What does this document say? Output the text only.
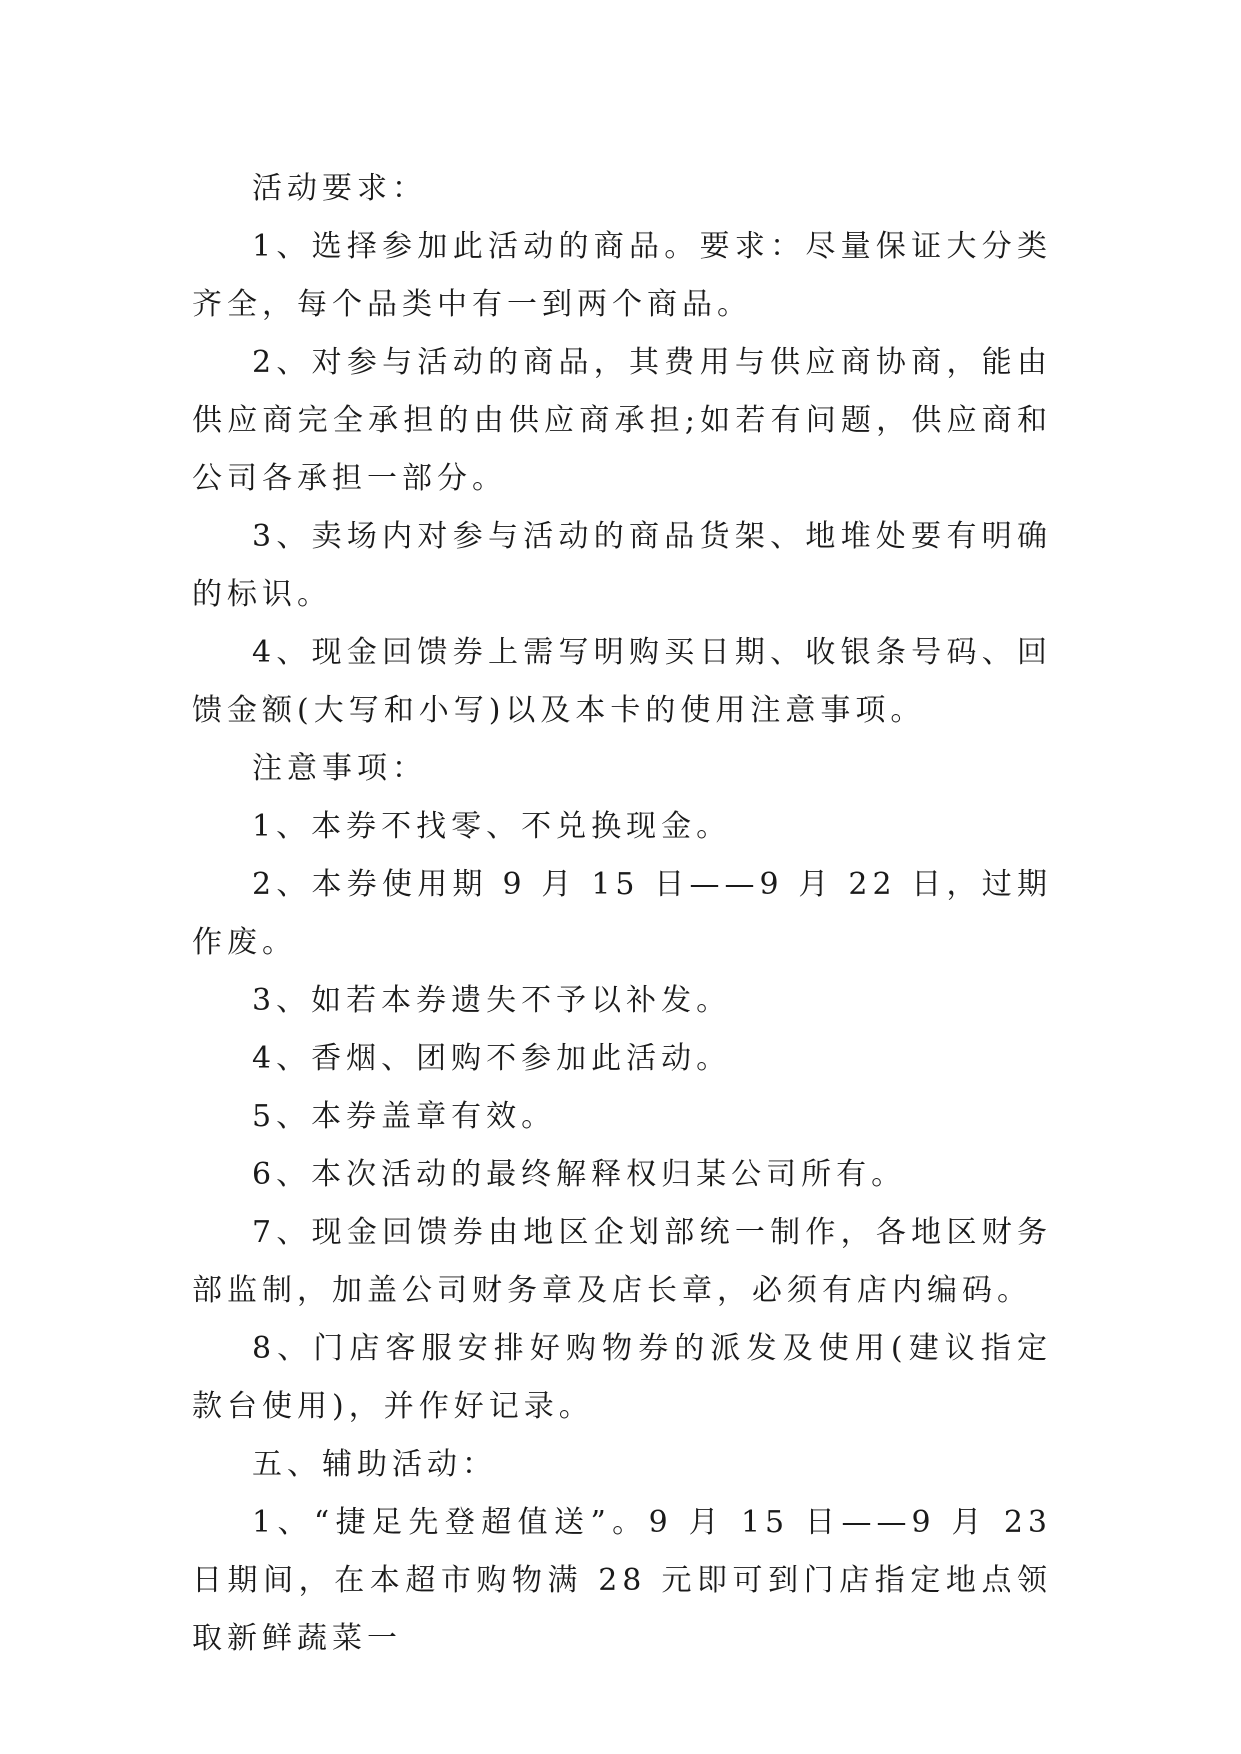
活动要求：

1、选择参加此活动的商品。要求：尽量保证大分类齐全，每个品类中有一到两个商品。

2、对参与活动的商品，其费用与供应商协商，能由供应商完全承担的由供应商承担;如若有问题，供应商和公司各承担一部分。

3、卖场内对参与活动的商品货架、地堆处要有明确的标识。

4、现金回馈券上需写明购买日期、收银条号码、回馈金额(大写和小写)以及本卡的使用注意事项。

注意事项：

1、本券不找零、不兑换现金。

2、本券使用期 9 月 15 日——9 月 22 日，过期作废。

3、如若本券遗失不予以补发。

4、香烟、团购不参加此活动。

5、本券盖章有效。

6、本次活动的最终解释权归某公司所有。

7、现金回馈券由地区企划部统一制作，各地区财务部监制，加盖公司财务章及店长章，必须有店内编码。

8、门店客服安排好购物券的派发及使用(建议指定款台使用)，并作好记录。

五、辅助活动：

1、“捷足先登超值送”。9 月 15 日——9 月 23 日期间，在本超市购物满 28 元即可到门店指定地点领取新鲜蔬菜一
